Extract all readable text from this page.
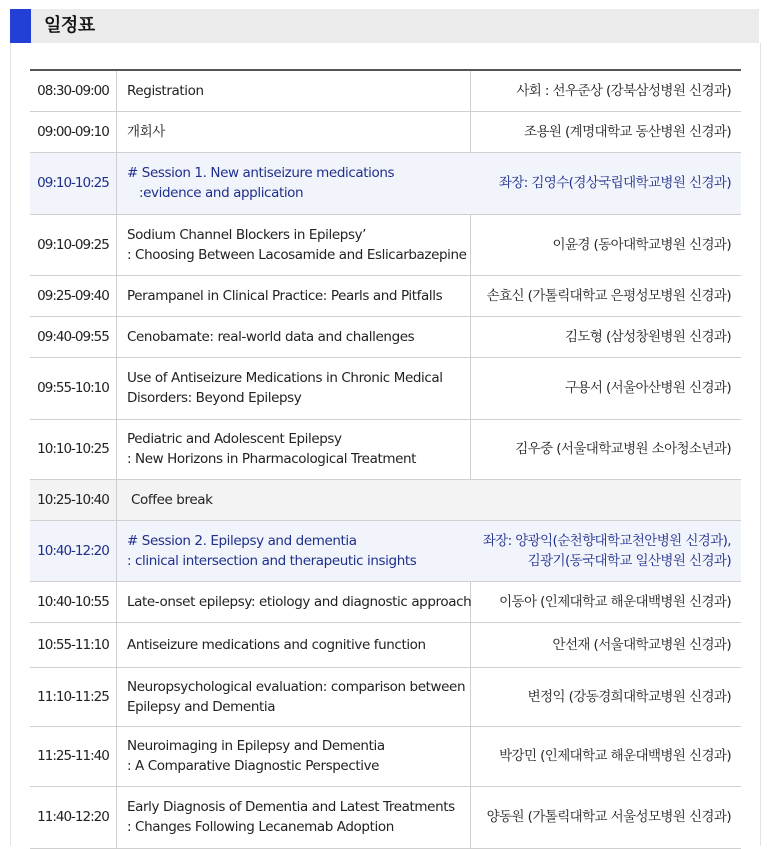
일정표
08:30-09:00	Registration	사회 : 선우준상 (강북삼성병원 신경과)

09:00-09:10	개회사	조용원 (계명대학교 동산병원 신경과)

09:10-10:25	# Session 1. New antiseizure medications
:evidence and application	좌장: 김영수(경상국립대학교병원 신경과)

09:10-09:25	Sodium Channel Blockers in Epilepsy’
: Choosing Between Lacosamide and Eslicarbazepine	이윤경 (동아대학교병원 신경과)

09:25-09:40	Perampanel in Clinical Practice: Pearls and Pitfalls	손효신 (가톨릭대학교 은평성모병원 신경과)

09:40-09:55	Cenobamate: real-world data and challenges	김도형 (삼성창원병원 신경과)

09:55-10:10	Use of Antiseizure Medications in Chronic Medical
Disorders: Beyond Epilepsy	구용서 (서울아산병원 신경과)

10:10-10:25	Pediatric and Adolescent Epilepsy
: New Horizons in Pharmacological Treatment	김우중 (서울대학교병원 소아청소년과)

10:25-10:40	Coffee break	

10:40-12:20	# Session 2. Epilepsy and dementia
: clinical intersection and therapeutic insights	좌장: 양광익(순천향대학교천안병원 신경과),
김광기(동국대학교 일산병원 신경과)

10:40-10:55	Late-onset epilepsy: etiology and diagnostic approach	이동아 (인제대학교 해운대백병원 신경과)

10:55-11:10	Antiseizure medications and cognitive function	안선재 (서울대학교병원 신경과)

11:10-11:25	Neuropsychological evaluation: comparison between
Epilepsy and Dementia	변정익 (강동경희대학교병원 신경과)

11:25-11:40	Neuroimaging in Epilepsy and Dementia
: A Comparative Diagnostic Perspective	박강민 (인제대학교 해운대백병원 신경과)

11:40-12:20	Early Diagnosis of Dementia and Latest Treatments
: Changes Following Lecanemab Adoption	양동원 (가톨릭대학교 서울성모병원 신경과)
